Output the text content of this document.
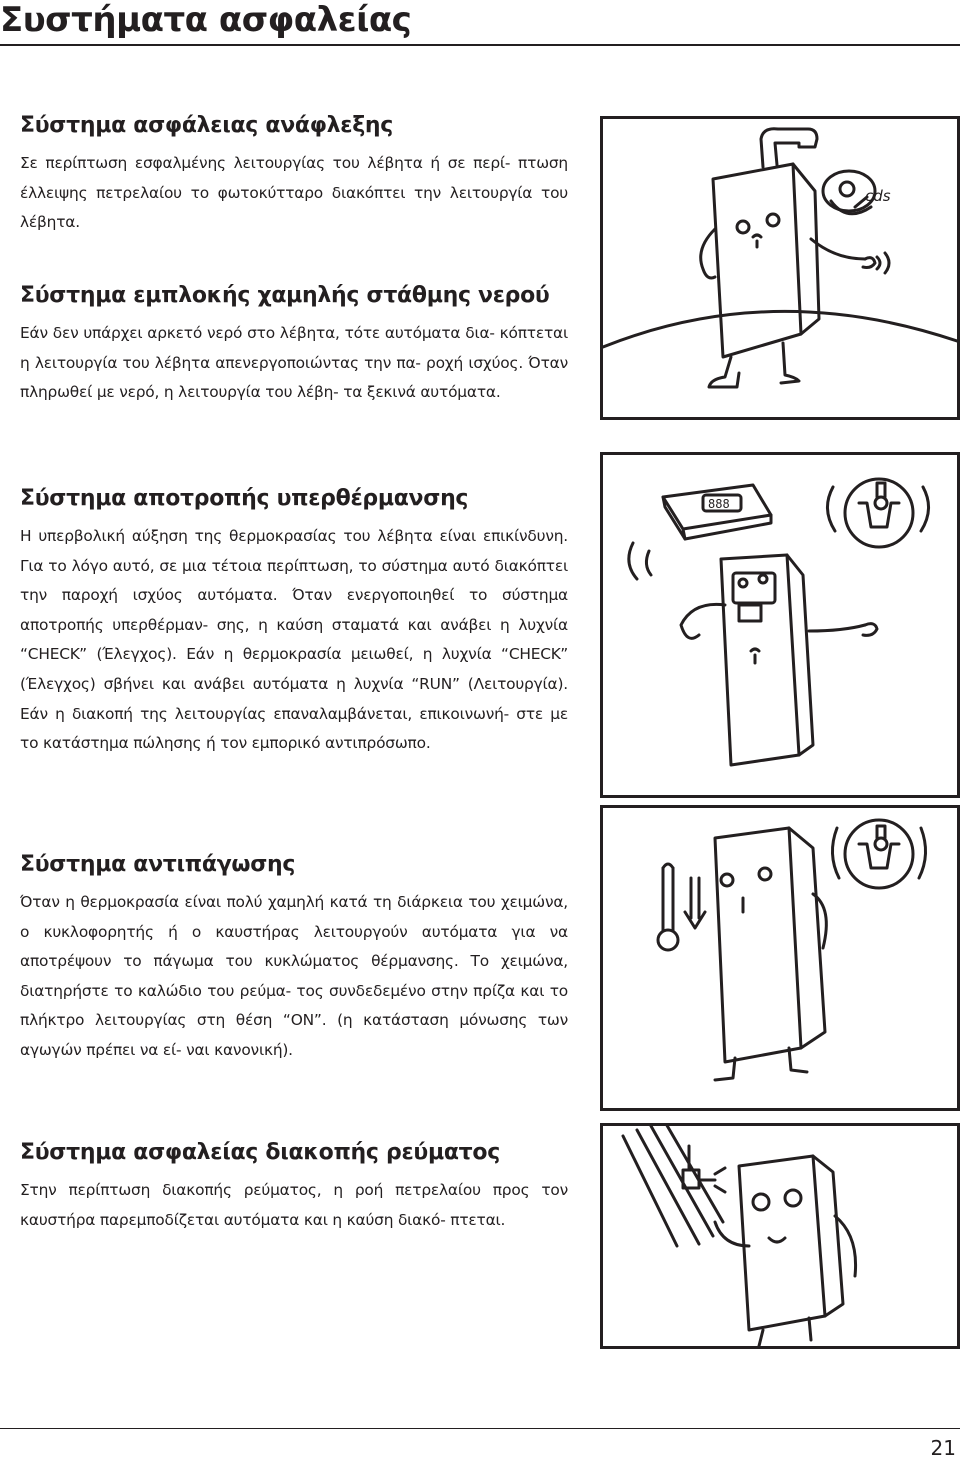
Συστήματα ασφαλείας
Σύστημα ασφάλειας ανάφλεξης

Σε περίπτωση εσφαλμένης λειτουργίας του λέβητα ή σε περί- πτωση έλλειψης πετρελαίου το φωτοκύτταρο διακόπτει την λειτουργία του λέβητα.

Σύστημα εμπλοκής χαμηλής στάθμης νερού

Εάν δεν υπάρχει αρκετό νερό στο λέβητα, τότε αυτόματα δια- κόπτεται η λειτουργία του λέβητα απενεργοποιώντας την πα- ροχή ισχύος. Όταν πληρωθεί με νερό, η λειτουργία του λέβη- τα ξεκινά αυτόματα.

Σύστημα αποτροπής υπερθέρμανσης

Η υπερβολική αύξηση της θερμοκρασίας του λέβητα είναι επικίνδυνη. Για το λόγο αυτό, σε μια τέτοια περίπτωση, το σύστημα αυτό διακόπτει την παροχή ισχύος αυτόματα. Όταν ενεργοποιηθεί το σύστημα αποτροπής υπερθέρμαν- σης, η καύση σταματά και ανάβει η λυχνία “CHECK” (Έλεγχος). Εάν η θερμοκρασία μειωθεί, η λυχνία “CHECK” (Έλεγχος) σβήνει και ανάβει αυτόματα η λυχνία “RUN” (Λειτουργία). Εάν η διακοπή της λειτουργίας επαναλαμβάνεται, επικοινωνή- στε με το κατάστημα πώλησης ή τον εμπορικό αντιπρόσωπο.

Σύστημα αντιπάγωσης

Όταν η θερμοκρασία είναι πολύ χαμηλή κατά τη διάρκεια του χειμώνα, ο κυκλοφορητής ή ο καυστήρας λειτουργούν αυτόματα για να αποτρέψουν το πάγωμα του κυκλώματος θέρμανσης. Το χειμώνα, διατηρήστε το καλώδιο του ρεύμα- τος συνδεδεμένο στην πρίζα και το πλήκτρο λειτουργίας στη θέση “ON”. (η κατάσταση μόνωσης των αγωγών πρέπει να εί- ναι κανονική).

Σύστημα ασφαλείας διακοπής ρεύματος

Στην περίπτωση διακοπής ρεύματος, η ροή πετρελαίου προς τον καυστήρα παρεμποδίζεται αυτόματα και η καύση διακό- πτεται.

cds
888
21
